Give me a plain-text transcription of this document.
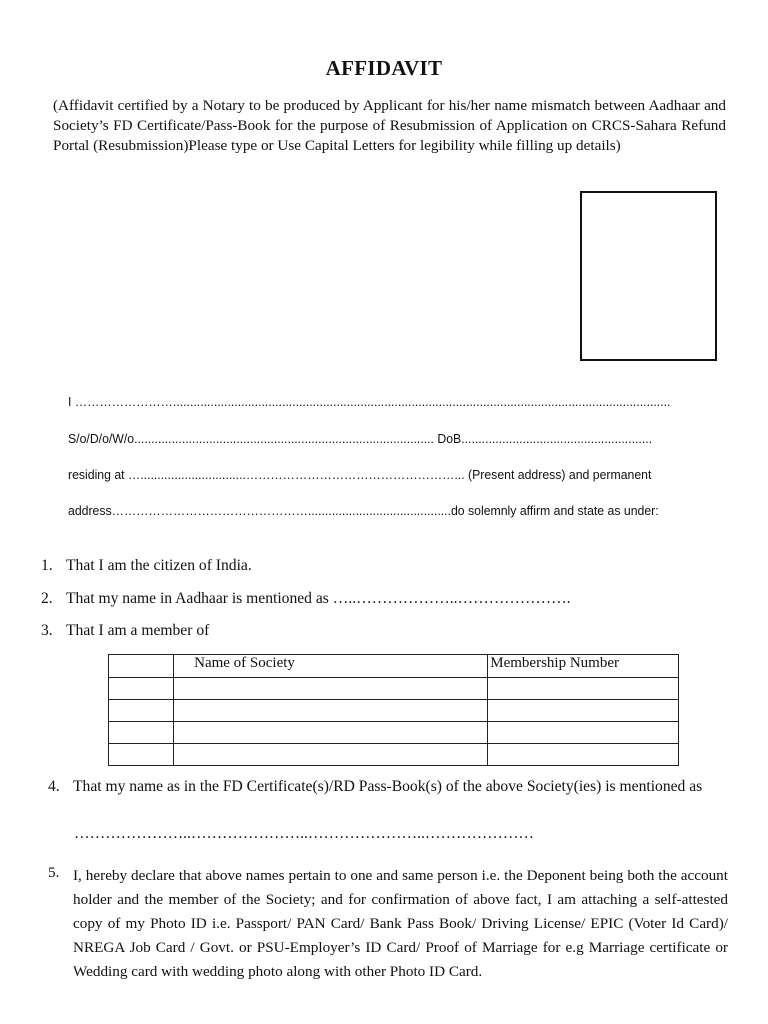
AFFIDAVIT
(Affidavit certified by a Notary to be produced by Applicant for his/her name mismatch between Aadhaar and Society’s FD Certificate/Pass-Book for the purpose of Resubmission of Application on CRCS-Sahara Refund Portal (Resubmission)Please type or Use Capital Letters for legibility while filling up details)
I ……………………..................................................................................................................................................
S/o/D/o/W/o........................................................................................ DoB........................................................
residing at …...............................……………………………………………... (Present address) and permanent
address…………………………………………..........................................do solemnly affirm and state as under:
1. That I am the citizen of India.
2. That my name in Aadhaar is mentioned as …..………………..………………….
3. That I am a member of
	Name of Society	Membership Number

4. That my name as in the FD Certificate(s)/RD Pass-Book(s) of the above Society(ies) is mentioned as
…………………..…………………..…………………..…………………
5. I, hereby declare that above names pertain to one and same person i.e. the Deponent being both the account holder and the member of the Society; and for confirmation of above fact, I am attaching a self-attested copy of my Photo ID i.e. Passport/ PAN Card/ Bank Pass Book/ Driving License/ EPIC (Voter Id Card)/ NREGA Job Card / Govt. or PSU-Employer’s ID Card/ Proof of Marriage for e.g Marriage certificate or Wedding card with wedding photo along with other Photo ID Card.
